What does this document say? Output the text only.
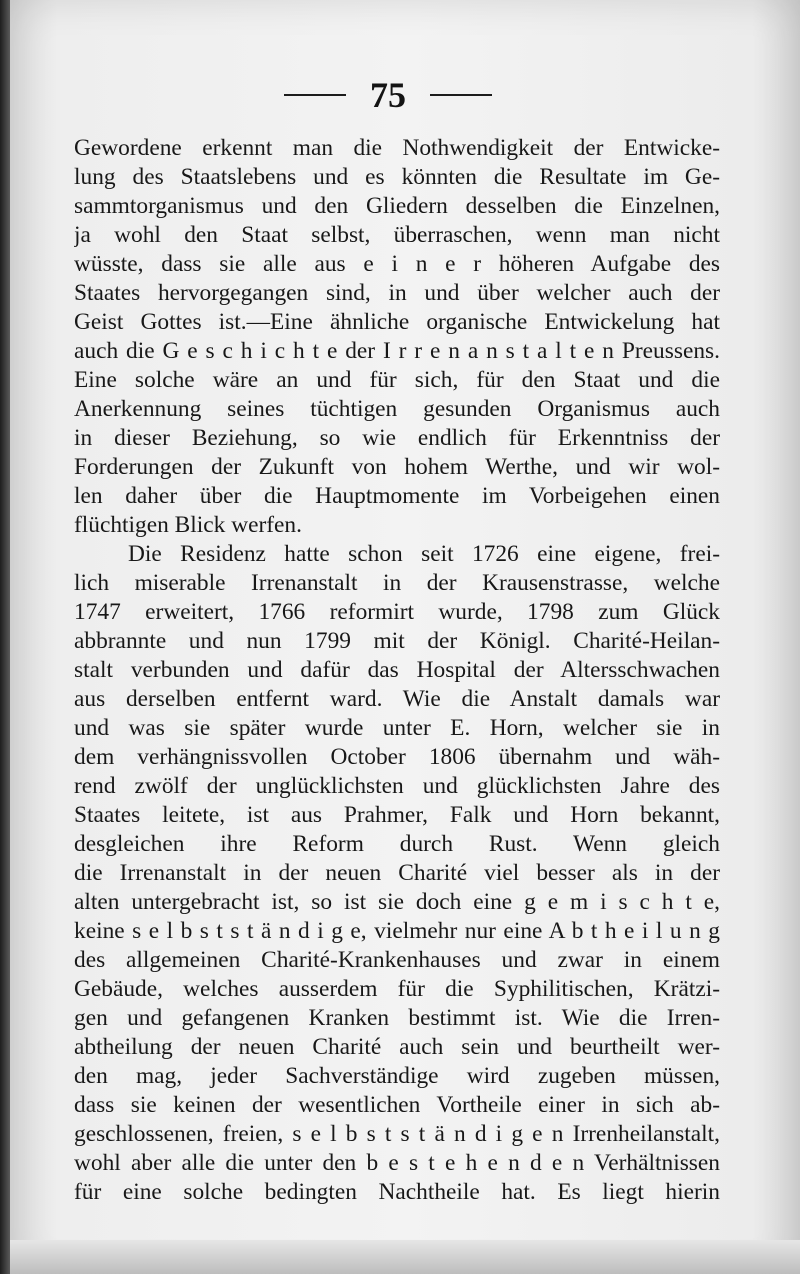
75
Gewordene erkennt man die Nothwendigkeit der Entwicke-
lung des Staatslebens und es könnten die Resultate im Ge-
sammtorganismus und den Gliedern desselben die Einzelnen,
ja wohl den Staat selbst, überraschen, wenn man nicht
wüsste, dass sie alle aus e i n e r höheren Aufgabe des
Staates hervorgegangen sind, in und über welcher auch der
Geist Gottes ist.—Eine ähnliche organische Entwickelung hat
auch die G e s c h i c h t e der I r r e n a n s t a l t e n Preussens.
Eine solche wäre an und für sich, für den Staat und die
Anerkennung seines tüchtigen gesunden Organismus auch
in dieser Beziehung, so wie endlich für Erkenntniss der
Forderungen der Zukunft von hohem Werthe, und wir wol-
len daher über die Hauptmomente im Vorbeigehen einen
flüchtigen Blick werfen.
Die Residenz hatte schon seit 1726 eine eigene, frei-
lich miserable Irrenanstalt in der Krausenstrasse, welche
1747 erweitert, 1766 reformirt wurde, 1798 zum Glück
abbrannte und nun 1799 mit der Königl. Charité-Heilan-
stalt verbunden und dafür das Hospital der Altersschwachen
aus derselben entfernt ward. Wie die Anstalt damals war
und was sie später wurde unter E. Horn, welcher sie in
dem verhängnissvollen October 1806 übernahm und wäh-
rend zwölf der unglücklichsten und glücklichsten Jahre des
Staates leitete, ist aus Prahmer, Falk und Horn bekannt,
desgleichen ihre Reform durch Rust. Wenn gleich
die Irrenanstalt in der neuen Charité viel besser als in der
alten untergebracht ist, so ist sie doch eine g e m i s c h t e,
keine s e l b s t s t ä n d i g e, vielmehr nur eine A b t h e i l u n g
des allgemeinen Charité-Krankenhauses und zwar in einem
Gebäude, welches ausserdem für die Syphilitischen, Krätzi-
gen und gefangenen Kranken bestimmt ist. Wie die Irren-
abtheilung der neuen Charité auch sein und beurtheilt wer-
den mag, jeder Sachverständige wird zugeben müssen,
dass sie keinen der wesentlichen Vortheile einer in sich ab-
geschlossenen, freien, s e l b s t s t ä n d i g e n Irrenheilanstalt,
wohl aber alle die unter den b e s t e h e n d e n Verhältnissen
für eine solche bedingten Nachtheile hat. Es liegt hierin
